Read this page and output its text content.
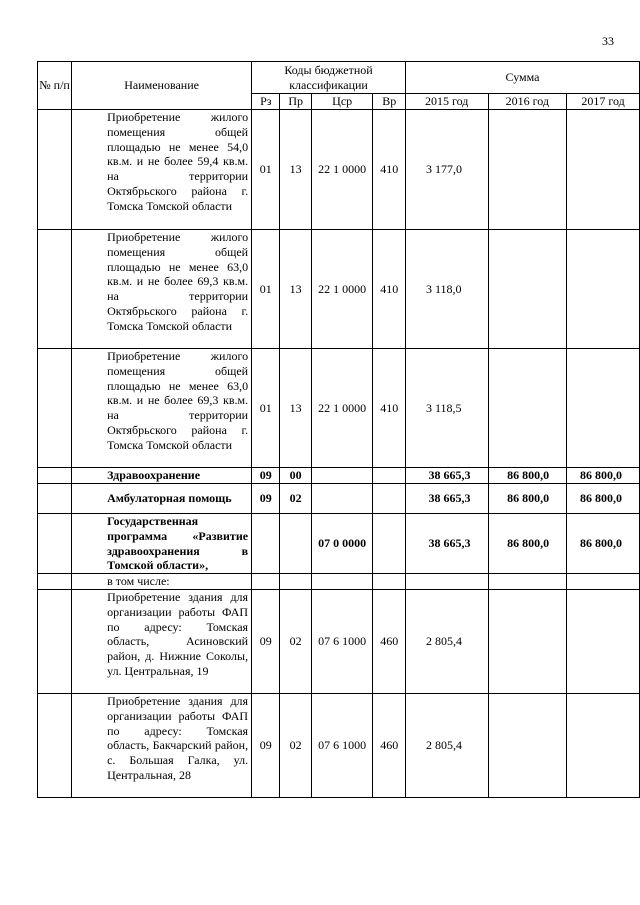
33
№ п/п	Наименование	Коды бюджетной классификации				Сумма		
		Рз	Пр	Цср	Вр	2015 год	2016 год	2017 год
	Приобретение жилого помещения общей площадью не менее 54,0 кв.м. и не более 59,4 кв.м. на территории Октябрьского района г. Томска Томской области	01	13	22 1 0000	410	3 177,0		
	Приобретение жилого помещения общей площадью не менее 63,0 кв.м. и не более 69,3 кв.м. на территории Октябрьского района г. Томска Томской области	01	13	22 1 0000	410	3 118,0		
	Приобретение жилого помещения общей площадью не менее 63,0 кв.м. и не более 69,3 кв.м. на территории Октябрьского района г. Томска Томской области	01	13	22 1 0000	410	3 118,5		
	Здравоохранение	09	00			38 665,3	86 800,0	86 800,0
	Амбулаторная помощь	09	02			38 665,3	86 800,0	86 800,0
	Государственная программа «Развитие здравоохранения в Томской области»,			07 0 0000		38 665,3	86 800,0	86 800,0
	в том числе:							
	Приобретение здания для организации работы ФАП по адресу: Томская область, Асиновский район, д. Нижние Соколы, ул. Центральная, 19	09	02	07 6 1000	460	2 805,4		
	Приобретение здания для организации работы ФАП по адресу: Томская область, Бакчарский район, с. Большая Галка, ул. Центральная, 28	09	02	07 6 1000	460	2 805,4		
